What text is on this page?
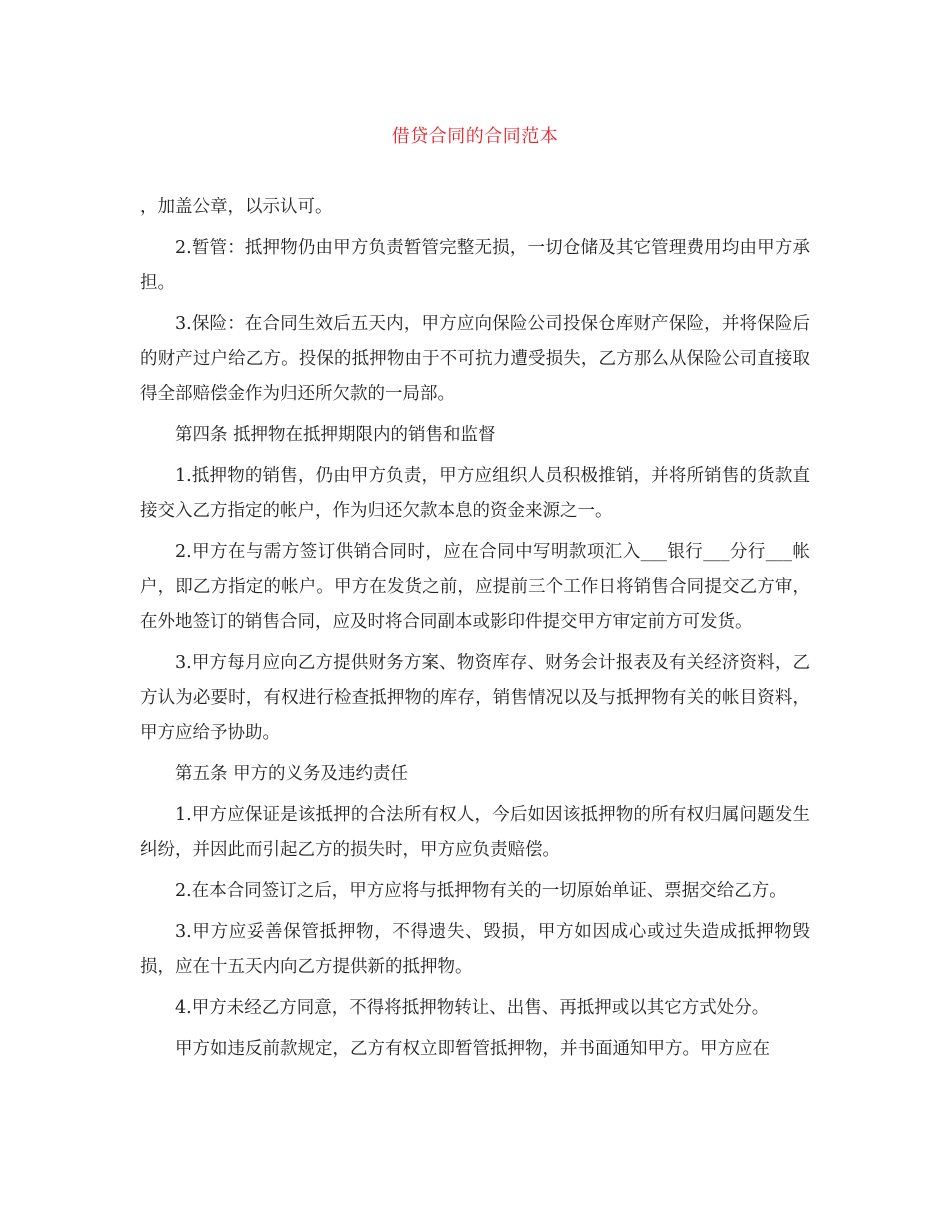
借贷合同的合同范本

，加盖公章，以示认可。

2.暂管：抵押物仍由甲方负责暂管完整无损，一切仓储及其它管理费用均由甲方承担。

3.保险：在合同生效后五天内，甲方应向保险公司投保仓库财产保险，并将保险后的财产过户给乙方。投保的抵押物由于不可抗力遭受损失，乙方那么从保险公司直接取得全部赔偿金作为归还所欠款的一局部。

第四条 抵押物在抵押期限内的销售和监督

1.抵押物的销售，仍由甲方负责，甲方应组织人员积极推销，并将所销售的货款直接交入乙方指定的帐户，作为归还欠款本息的资金来源之一。

2.甲方在与需方签订供销合同时，应在合同中写明款项汇入___银行___分行___帐户，即乙方指定的帐户。甲方在发货之前，应提前三个工作日将销售合同提交乙方审，在外地签订的销售合同，应及时将合同副本或影印件提交甲方审定前方可发货。

3.甲方每月应向乙方提供财务方案、物资库存、财务会计报表及有关经济资料，乙方认为必要时，有权进行检查抵押物的库存，销售情况以及与抵押物有关的帐目资料，甲方应给予协助。

第五条 甲方的义务及违约责任

1.甲方应保证是该抵押的合法所有权人，今后如因该抵押物的所有权归属问题发生纠纷，并因此而引起乙方的损失时，甲方应负责赔偿。

2.在本合同签订之后，甲方应将与抵押物有关的一切原始单证、票据交给乙方。

3.甲方应妥善保管抵押物，不得遗失、毁损，甲方如因成心或过失造成抵押物毁损，应在十五天内向乙方提供新的抵押物。

4.甲方未经乙方同意，不得将抵押物转让、出售、再抵押或以其它方式处分。

甲方如违反前款规定，乙方有权立即暂管抵押物，并书面通知甲方。甲方应在
